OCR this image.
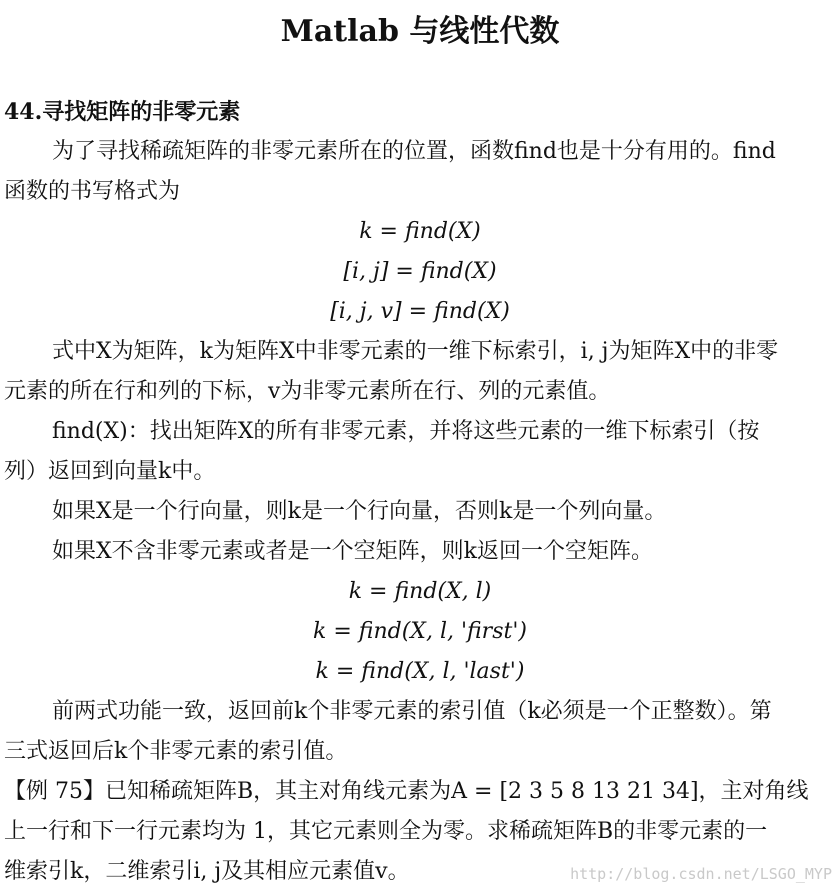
Matlab 与线性代数
44.寻找矩阵的非零元素
为了寻找稀疏矩阵的非零元素所在的位置，函数find也是十分有用的。find
函数的书写格式为
k = find(X)
[i, j] = find(X)
[i, j, v] = find(X)
式中X为矩阵，k为矩阵X中非零元素的一维下标索引，i, j为矩阵X中的非零
元素的所在行和列的下标，v为非零元素所在行、列的元素值。
find(X)：找出矩阵X的所有非零元素，并将这些元素的一维下标索引（按
列）返回到向量k中。
如果X是一个行向量，则k是一个行向量，否则k是一个列向量。
如果X不含非零元素或者是一个空矩阵，则k返回一个空矩阵。
k = find(X, l)
k = find(X, l, 'first')
k = find(X, l, 'last')
前两式功能一致，返回前k个非零元素的索引值（k必须是一个正整数）。第
三式返回后k个非零元素的索引值。
【例 75】已知稀疏矩阵B，其主对角线元素为A = [2 3 5 8 13 21 34]，主对角线
上一行和下一行元素均为 1，其它元素则全为零。求稀疏矩阵B的非零元素的一
维索引k，二维索引i, j及其相应元素值v。	http://blog.csdn.net/LSGO_MYP
